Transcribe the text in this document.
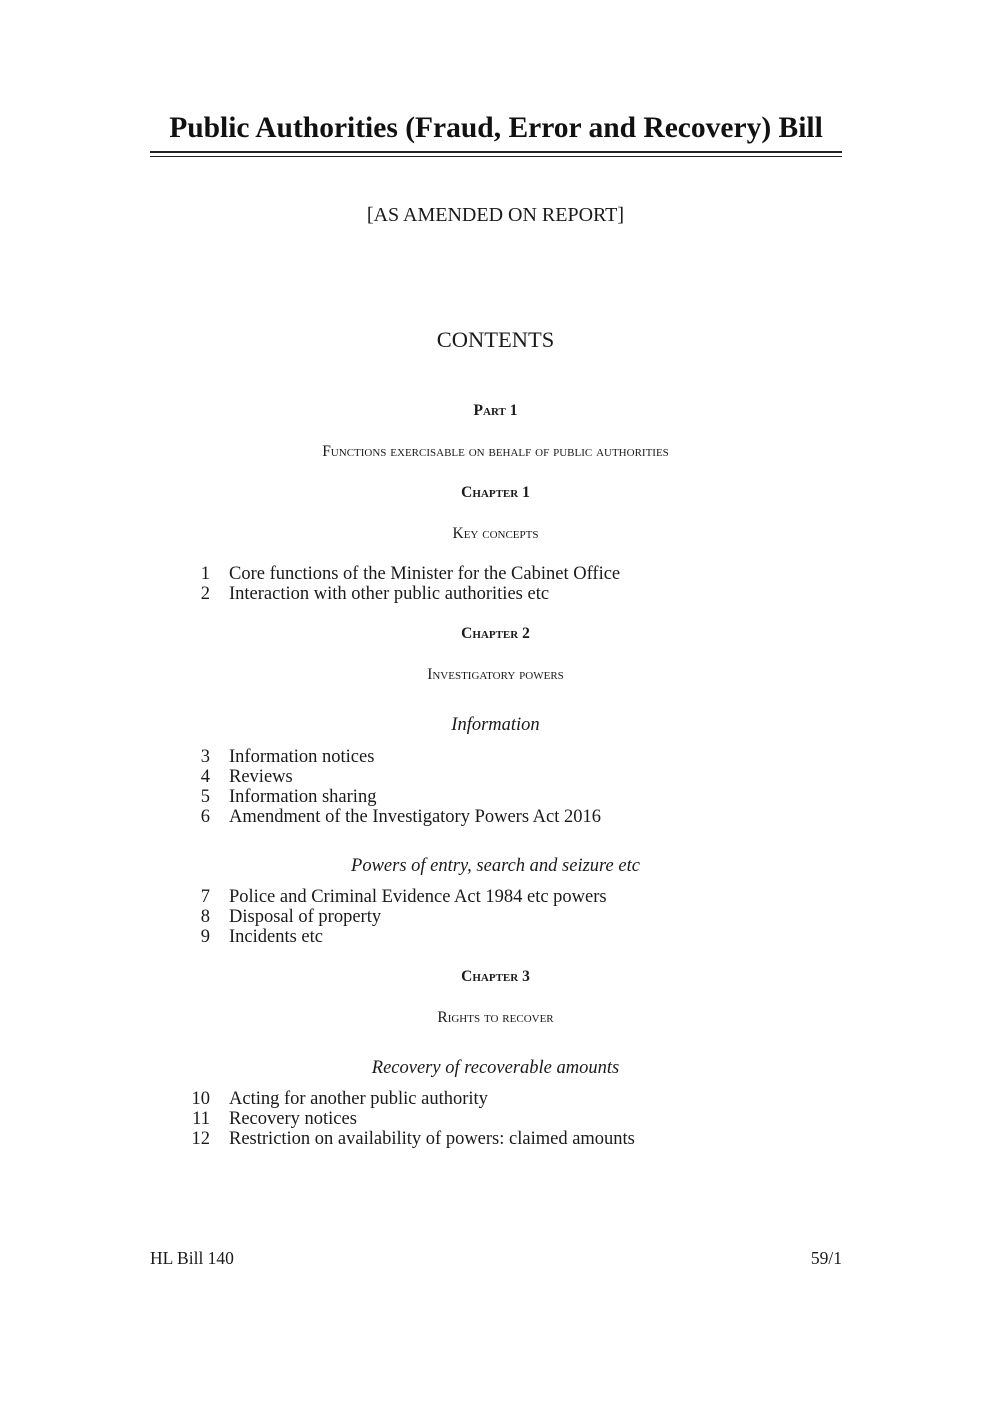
Public Authorities (Fraud, Error and Recovery) Bill
[AS AMENDED ON REPORT]
CONTENTS

Part 1

Functions exercisable on behalf of public authorities

Chapter 1

Key concepts

1 Core functions of the Minister for the Cabinet Office
2 Interaction with other public authorities etc

Chapter 2

Investigatory powers

Information

3 Information notices
4 Reviews
5 Information sharing
6 Amendment of the Investigatory Powers Act 2016

Powers of entry, search and seizure etc

7 Police and Criminal Evidence Act 1984 etc powers
8 Disposal of property
9 Incidents etc

Chapter 3

Rights to recover

Recovery of recoverable amounts

10 Acting for another public authority
11 Recovery notices
12 Restriction on availability of powers: claimed amounts
HL Bill 140	59/1
